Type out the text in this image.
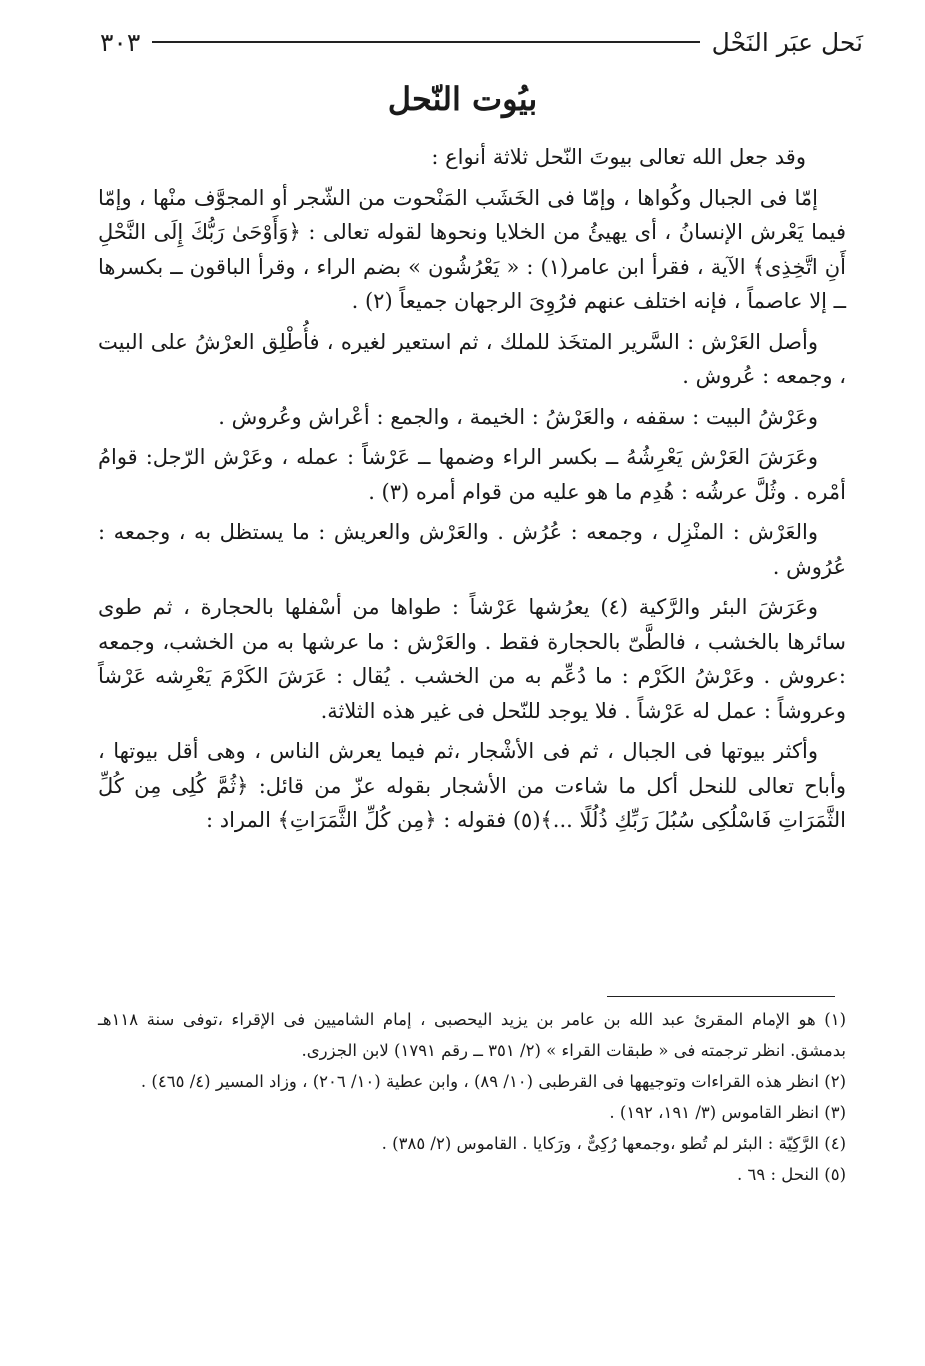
نَحل عبَر النَحْل
٣٠٣
بيُوت النّحل

وقد جعل الله تعالى بيوتَ النّحل ثلاثة أنواع :

إمّا فى الجبال وكُواها ، وإمّا فى الخَشَب المَنْحوت من الشّجر أو المجوَّف منْها ، وإمّا فيما يَعْرش الإنسانُ ، أى يهيئُ من الخلايا ونحوها لقوله تعالى : ﴿وَأَوْحَىٰ رَبُّكَ إِلَى النَّحْلِ أَنِ اتَّخِذِى﴾ الآية ، فقرأ ابن عامر(١) : « يَعْرُشُون » بضم الراء ، وقرأ الباقون ــ بكسرها ــ إلا عاصماً ، فإنه اختلف عنهم فرُوِىَ الرجهان جميعاً (٢) .

وأصل العَرْش : السَّرير المتخَذ للملك ، ثم استعير لغيره ، فأُطْلِق العرْشُ على البيت ، وجمعه : عُروش .

وعَرْشُ البيت : سقفه ، والعَرْشُ : الخيمة ، والجمع : أعْراش وعُروش .

وعَرَشَ العَرْش يَعْرِشُهُ ــ بكسر الراء وضمها ــ عَرْشاً : عمله ، وعَرْش الرّجل: قوامُ أمْره . وثُلَّ عرشُه : هُدِم ما هو عليه من قوام أمره (٣) .

والعَرْش : المنْزِل ، وجمعه : عُرُش . والعَرْش والعريش : ما يستظل به ، وجمعه : عُرُوش .

وعَرَشَ البئر والرَّكية (٤) يعرُشها عَرْشاً : طواها من أسْفلها بالحجارة ، ثم طوى سائرها بالخشب ، فالطَّىّ بالحجارة فقط . والعَرْش : ما عرشها به من الخشب، وجمعه :عروش . وعَرْشُ الكَرْم : ما دُعِّم به من الخشب . يُقال : عَرَشَ الكَرْمَ يَعْرِشه عَرْشاً وعروشاً : عمل له عَرْشاً . فلا يوجد للنّحل فى غير هذه الثلاثة.

وأكثر بيوتها فى الجبال ، ثم فى الأشْجار ،ثم فيما يعرش الناس ، وهى أقل بيوتها ، وأباح تعالى للنحل أكل ما شاءت من الأشجار بقوله عزّ من قائل: ﴿ثُمَّ كُلِى مِن كُلِّ الثَّمَرَاتِ فَاسْلُكِى سُبُلَ رَبِّكِ ذُلُلًا ...﴾(٥) فقوله : ﴿مِن كُلِّ الثَّمَرَاتِ﴾ المراد :

(١) هو الإمام المقرئ عبد الله بن عامر بن يزيد اليحصبى ، إمام الشاميين فى الإقراء ،توفى سنة ١١٨هـ بدمشق. انظر ترجمته فى « طبقات القراء » (٢/ ٣٥١ ــ رقم ١٧٩١) لابن الجزرى.

(٢) انظر هذه القراءات وتوجيهها فى القرطبى (١٠/ ٨٩) ، وابن عطية (١٠/ ٢٠٦) ، وزاد المسير (٤/ ٤٦٥) .

(٣) انظر القاموس (٣/ ١٩١، ١٩٢) .

(٤) الرَّكِيّة : البئر لم تُطو ،وجمعها رُكِىٌّ ، ورَكايا . القاموس (٢/ ٣٨٥) .

(٥) النحل : ٦٩ .
